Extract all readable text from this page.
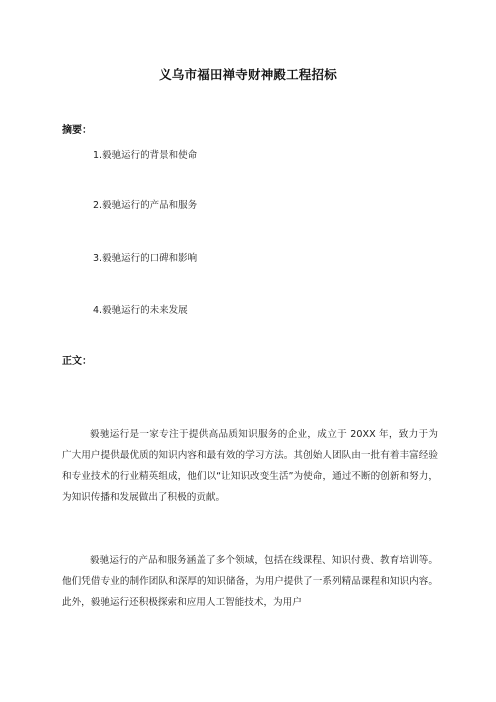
义乌市福田禅寺财神殿工程招标
摘要：
1.毅驰运行的背景和使命
2.毅驰运行的产品和服务
3.毅驰运行的口碑和影响
4.毅驰运行的未来发展
正文：

毅驰运行是一家专注于提供高品质知识服务的企业，成立于 20XX 年，致力于为广大用户提供最优质的知识内容和最有效的学习方法。其创始人团队由一批有着丰富经验和专业技术的行业精英组成，他们以“让知识改变生活”为使命，通过不断的创新和努力，为知识传播和发展做出了积极的贡献。

毅驰运行的产品和服务涵盖了多个领域，包括在线课程、知识付费、教育培训等。他们凭借专业的制作团队和深厚的知识储备，为用户提供了一系列精品课程和知识内容。此外，毅驰运行还积极探索和应用人工智能技术，为用户
